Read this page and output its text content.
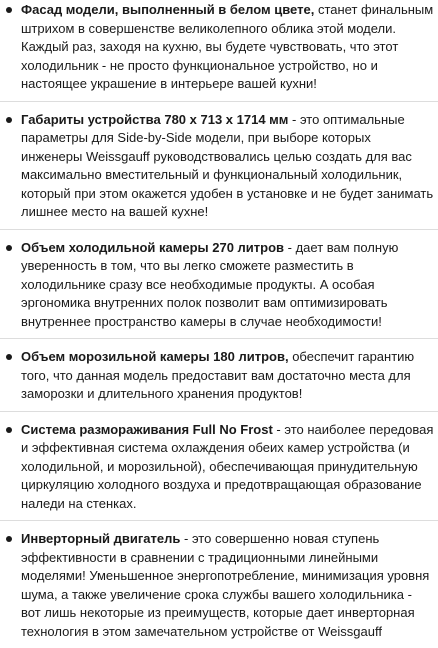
Фасад модели, выполненный в белом цвете, станет финальным штрихом в совершенстве великолепного облика этой модели. Каждый раз, заходя на кухню, вы будете чувствовать, что этот холодильник - не просто функциональное устройство, но и настоящее украшение в интерьере вашей кухни!
Габариты устройства 780 х 713 х 1714 мм - это оптимальные параметры для Side-by-Side модели, при выборе которых инженеры Weissgauff руководствовались целью создать для вас максимально вместительный и функциональный холодильник, который при этом окажется удобен в установке и не будет занимать лишнее место на вашей кухне!
Объем холодильной камеры 270 литров - дает вам полную уверенность в том, что вы легко сможете разместить в холодильнике сразу все необходимые продукты. А особая эргономика внутренних полок позволит вам оптимизировать внутреннее пространство камеры в случае необходимости!
Объем морозильной камеры 180 литров, обеспечит гарантию того, что данная модель предоставит вам достаточно места для заморозки и длительного хранения продуктов!
Система размораживания Full No Frost - это наиболее передовая и эффективная система охлаждения обеих камер устройства (и холодильной, и морозильной), обеспечивающая принудительную циркуляцию холодного воздуха и предотвращающая образование наледи на стенках.
Инверторный двигатель - это совершенно новая ступень эффективности в сравнении с традиционными линейными моделями! Уменьшенное энергопотребление, минимизация уровня шума, а также увеличение срока службы вашего холодильника - вот лишь некоторые из преимуществ, которые дает инверторная технология в этом замечательном устройстве от Weissgauff
